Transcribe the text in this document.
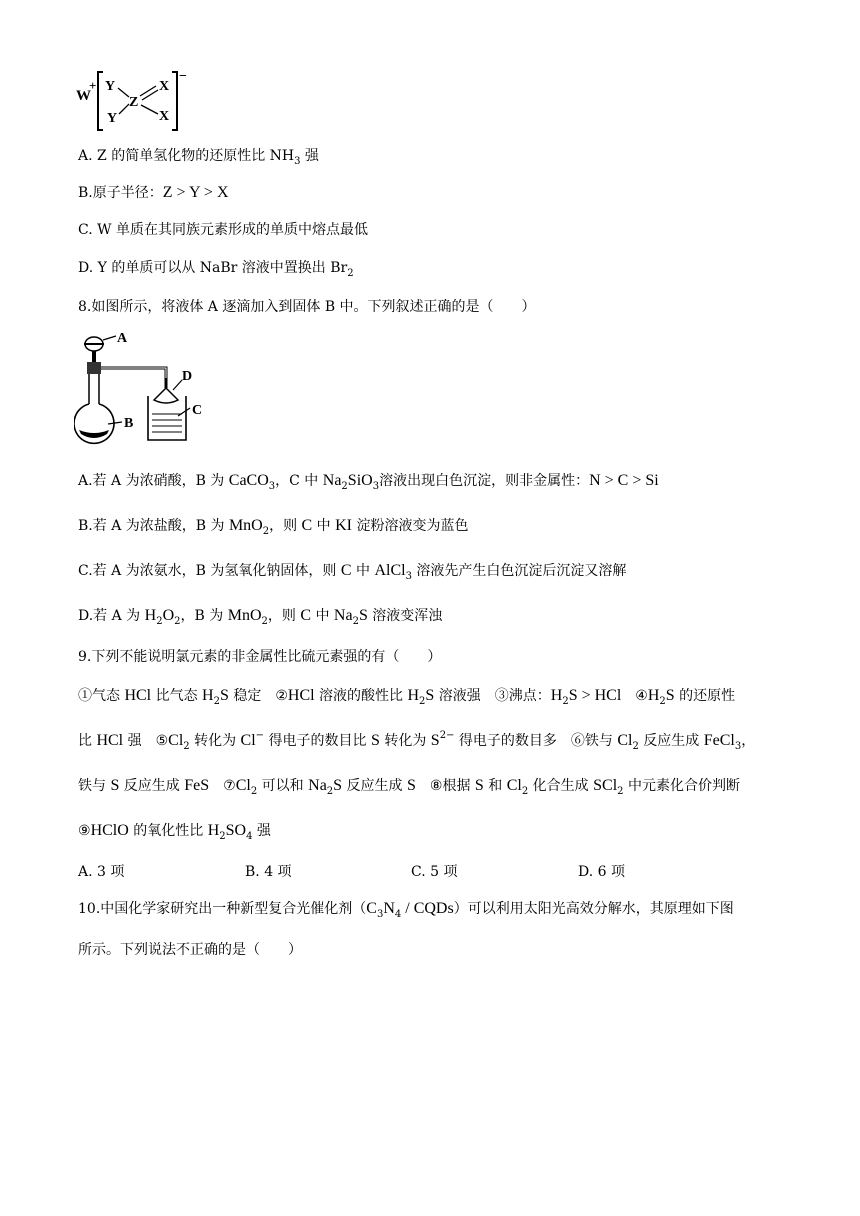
W
+ Y
Y
Z
X
X
−
A. Z 的简单氢化物的还原性比 $NH_3$ 强
B.原子半径：Z > Y > X
C. W 单质在其同族元素形成的单质中熔点最低
D. Y 的单质可以从 NaBr 溶液中置换出 $Br_2$
8.如图所示，将液体 A 逐滴加入到固体 B 中。下列叙述正确的是（　　）
A
B
D
C
A.若 A 为浓硝酸，B 为 CaCO$_3$，C 中 $Na_2SiO_3$溶液出现白色沉淀，则非金属性：N > C > Si
B.若 A 为浓盐酸，B 为 MnO$_2$，则 C 中 KI 淀粉溶液变为蓝色
C.若 A 为浓氨水，B 为氢氧化钠固体，则 C 中 AlCl$_3$ 溶液先产生白色沉淀后沉淀又溶解
D.若 A 为 $H_2O_2$，B 为 MnO$_2$，则 C 中 $Na_2S$ 溶液变浑浊
9.下列不能说明氯元素的非金属性比硫元素强的有（　　）
①气态 HCl 比气态 $H_2S$ 稳定 ②HCl 溶液的酸性比 $H_2S$ 溶液强 ③沸点：$H_2S$ > HCl $④H_2S$ 的还原性
比 HCl 强 $⑤Cl_2$ 转化为 Cl− 得电子的数目比 S 转化为 $S^{2-}$ 得电子的数目多 ⑥铁与 $Cl_2$ 反应生成 FeCl$_3$，
铁与 S 反应生成 FeS $⑦Cl_2$ 可以和 $Na_2S$ 反应生成 S ⑧根据 S 和 $Cl_2$ 化合生成 SCl$_2$ 中元素化合价判断
⑨HClO 的氧化性比 $H_2SO_4$ 强
A. 3 项	B. 4 项	C. 5 项	D. 6 项
10.中国化学家研究出一种新型复合光催化剂（$C_3N_4$ / CQDs）可以利用太阳光高效分解水，其原理如下图
所示。下列说法不正确的是（　　）
